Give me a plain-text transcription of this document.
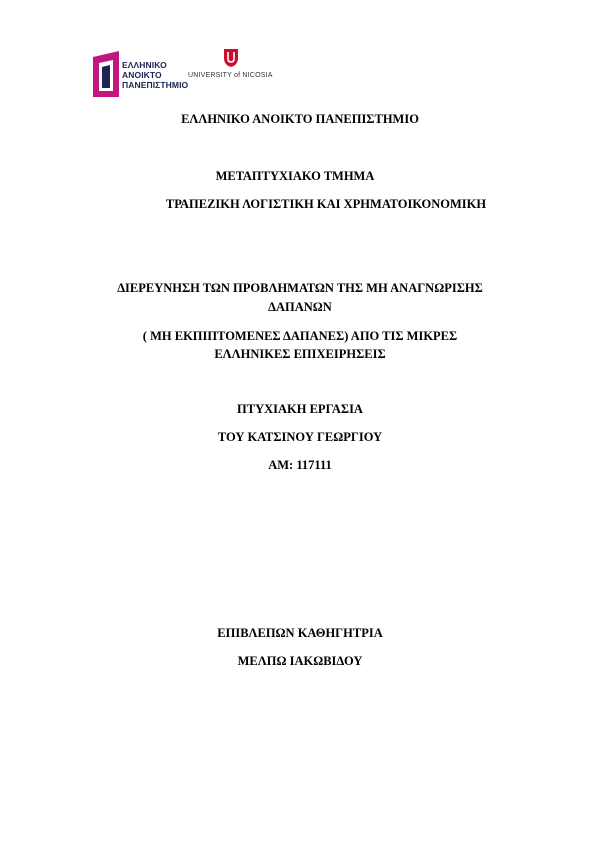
ΕΛΛΗΝΙΚΟ
ΑΝΟΙΚΤΟ
ΠΑΝΕΠΙΣΤΗΜΙΟ
UNIVERSITY of NICOSIA
ΕΛΛΗΝΙΚΟ ΑΝΟΙΚΤΟ ΠΑΝΕΠΙΣΤΗΜΙΟ
ΜΕΤΑΠΤΥΧΙΑΚΟ ΤΜΗΜΑ
ΤΡΑΠΕΖΙΚΗ ΛΟΓΙΣΤΙΚΗ ΚΑΙ ΧΡΗΜΑΤΟΙΚΟΝΟΜΙΚΗ
ΔΙΕΡΕΥΝΗΣΗ ΤΩΝ ΠΡΟΒΛΗΜΑΤΩΝ ΤΗΣ ΜΗ ΑΝΑΓΝΩΡΙΣΗΣ
ΔΑΠΑΝΩΝ
( ΜΗ ΕΚΠΙΠΤΟΜΕΝΕΣ ΔΑΠΑΝΕΣ) ΑΠΟ ΤΙΣ ΜΙΚΡΕΣ
ΕΛΛΗΝΙΚΕΣ ΕΠΙΧΕΙΡΗΣΕΙΣ
ΠΤΥΧΙΑΚΗ ΕΡΓΑΣΙΑ
ΤΟΥ ΚΑΤΣΙΝΟΥ ΓΕΩΡΓΙΟΥ
ΑΜ: 117111
ΕΠΙΒΛΕΠΩΝ ΚΑΘΗΓΗΤΡΙΑ
ΜΕΛΠΩ ΙΑΚΩΒΙΔΟΥ
